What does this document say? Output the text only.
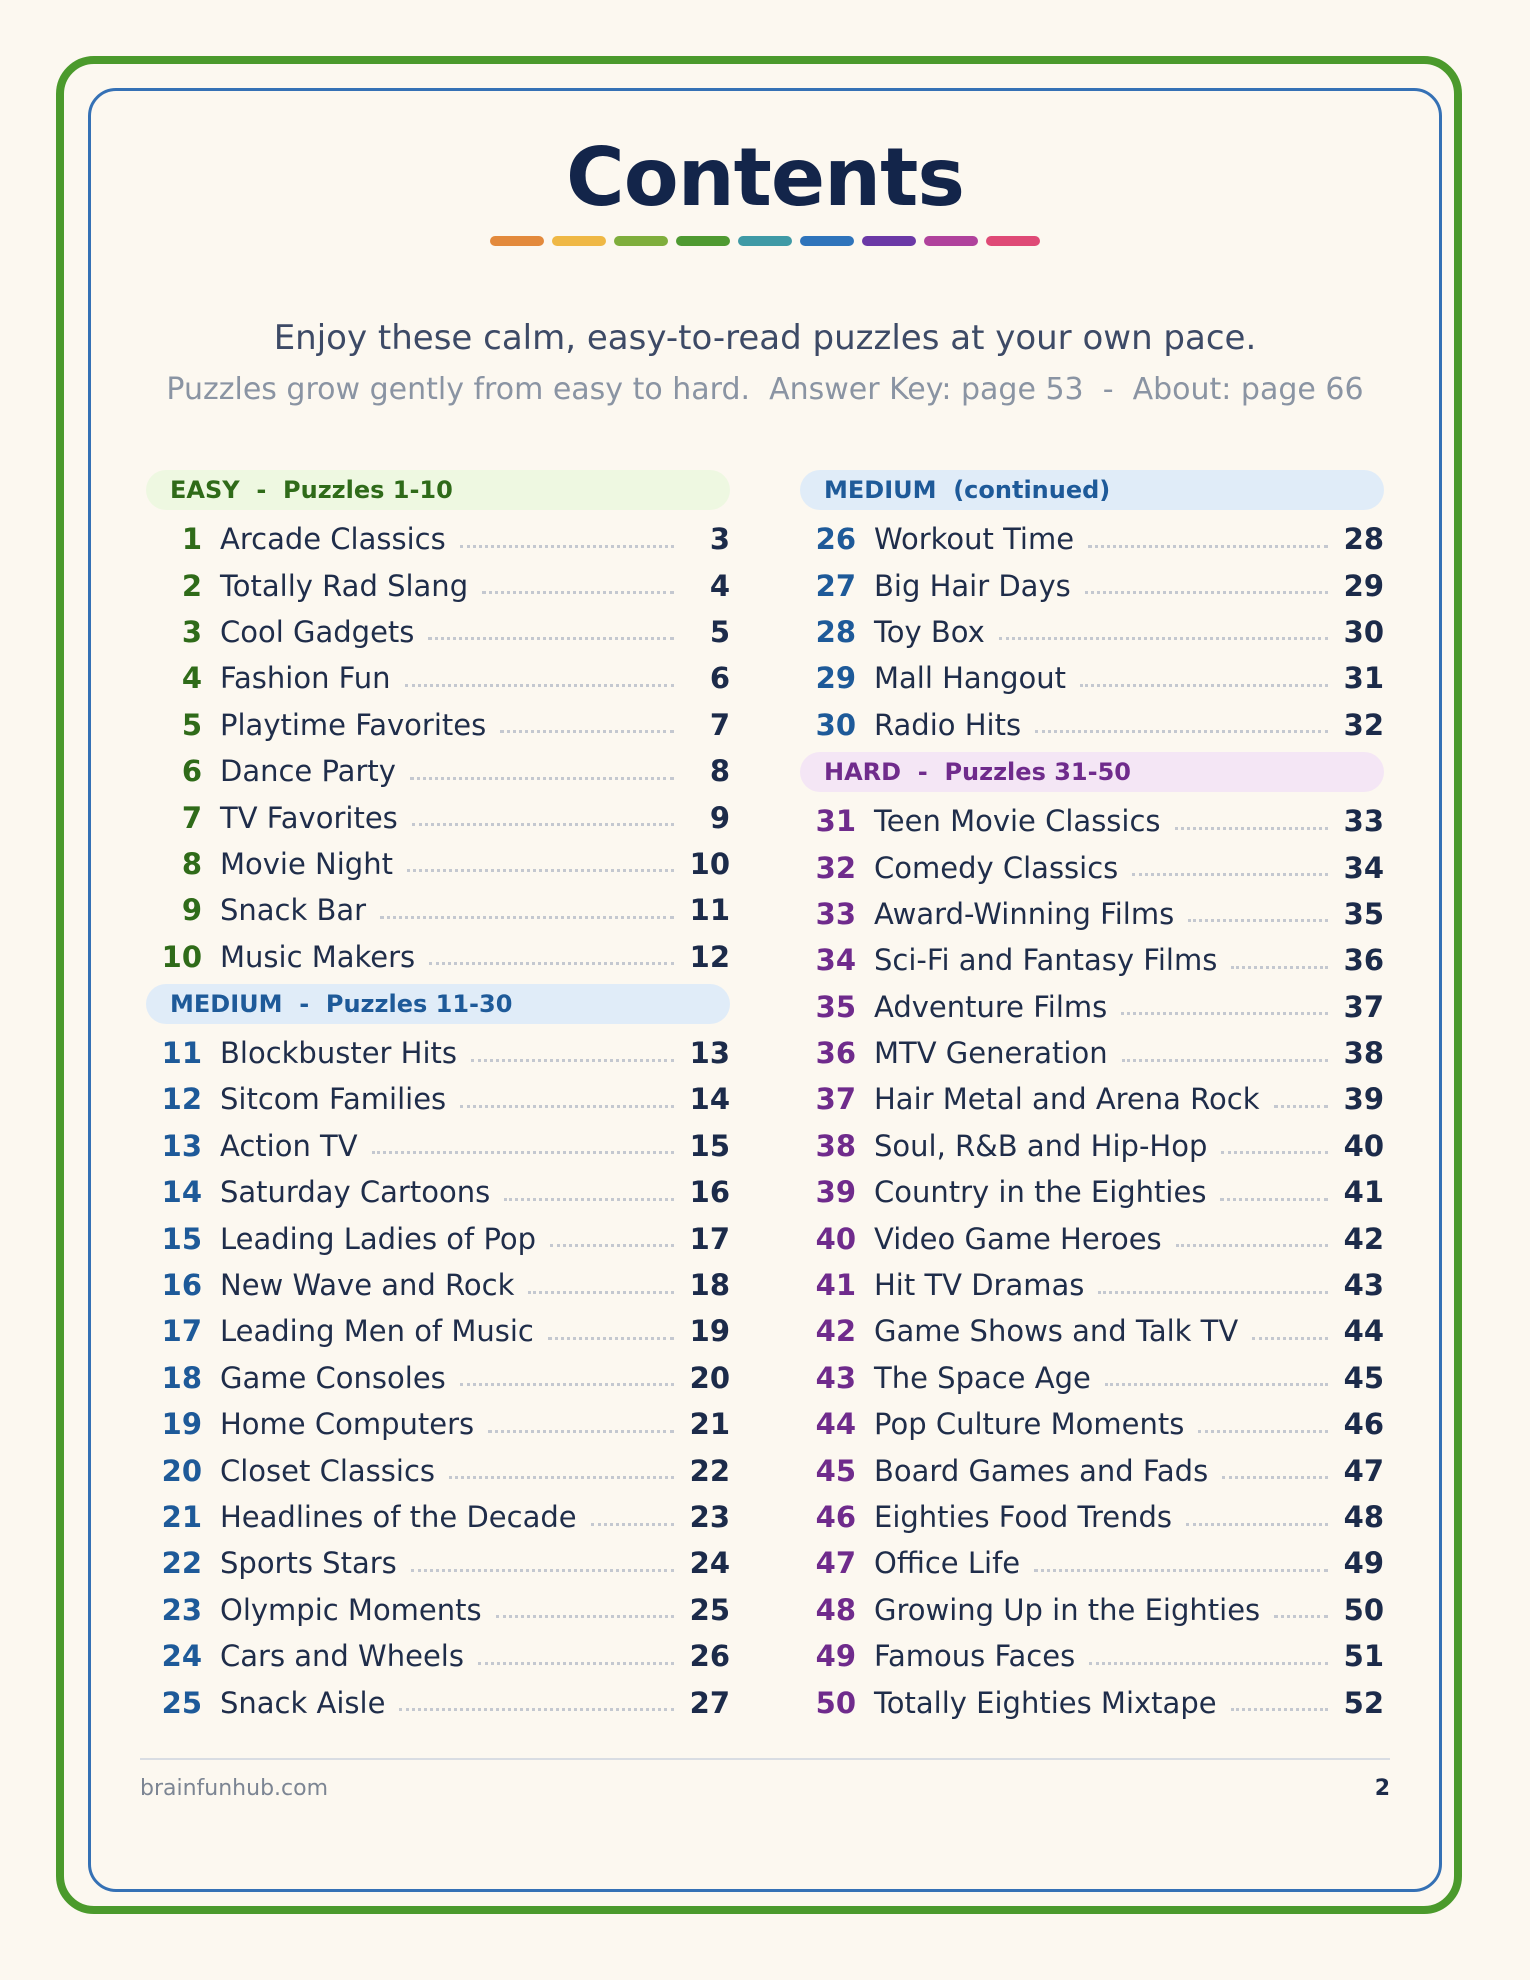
Contents
Enjoy these calm, easy-to-read puzzles at your own pace.
Puzzles grow gently from easy to hard.  Answer Key: page 53  -  About: page 66
EASY  -  Puzzles 1-10
1 Arcade Classics	3
2 Totally Rad Slang	4
3 Cool Gadgets	5
4 Fashion Fun	6
5 Playtime Favorites	7
6 Dance Party	8
7 TV Favorites	9
8 Movie Night	10
9 Snack Bar	11
10 Music Makers	12
MEDIUM  -  Puzzles 11-30
11 Blockbuster Hits	13
12 Sitcom Families	14
13 Action TV	15
14 Saturday Cartoons	16
15 Leading Ladies of Pop	17
16 New Wave and Rock	18
17 Leading Men of Music	19
18 Game Consoles	20
19 Home Computers	21
20 Closet Classics	22
21 Headlines of the Decade	23
22 Sports Stars	24
23 Olympic Moments	25
24 Cars and Wheels	26
25 Snack Aisle	27
MEDIUM  (continued)
26 Workout Time	28
27 Big Hair Days	29
28 Toy Box	30
29 Mall Hangout	31
30 Radio Hits	32
HARD  -  Puzzles 31-50
31 Teen Movie Classics	33
32 Comedy Classics	34
33 Award-Winning Films	35
34 Sci-Fi and Fantasy Films	36
35 Adventure Films	37
36 MTV Generation	38
37 Hair Metal and Arena Rock	39
38 Soul, R&B and Hip-Hop	40
39 Country in the Eighties	41
40 Video Game Heroes	42
41 Hit TV Dramas	43
42 Game Shows and Talk TV	44
43 The Space Age	45
44 Pop Culture Moments	46
45 Board Games and Fads	47
46 Eighties Food Trends	48
47 Office Life	49
48 Growing Up in the Eighties	50
49 Famous Faces	51
50 Totally Eighties Mixtape	52
brainfunhub.com	2
